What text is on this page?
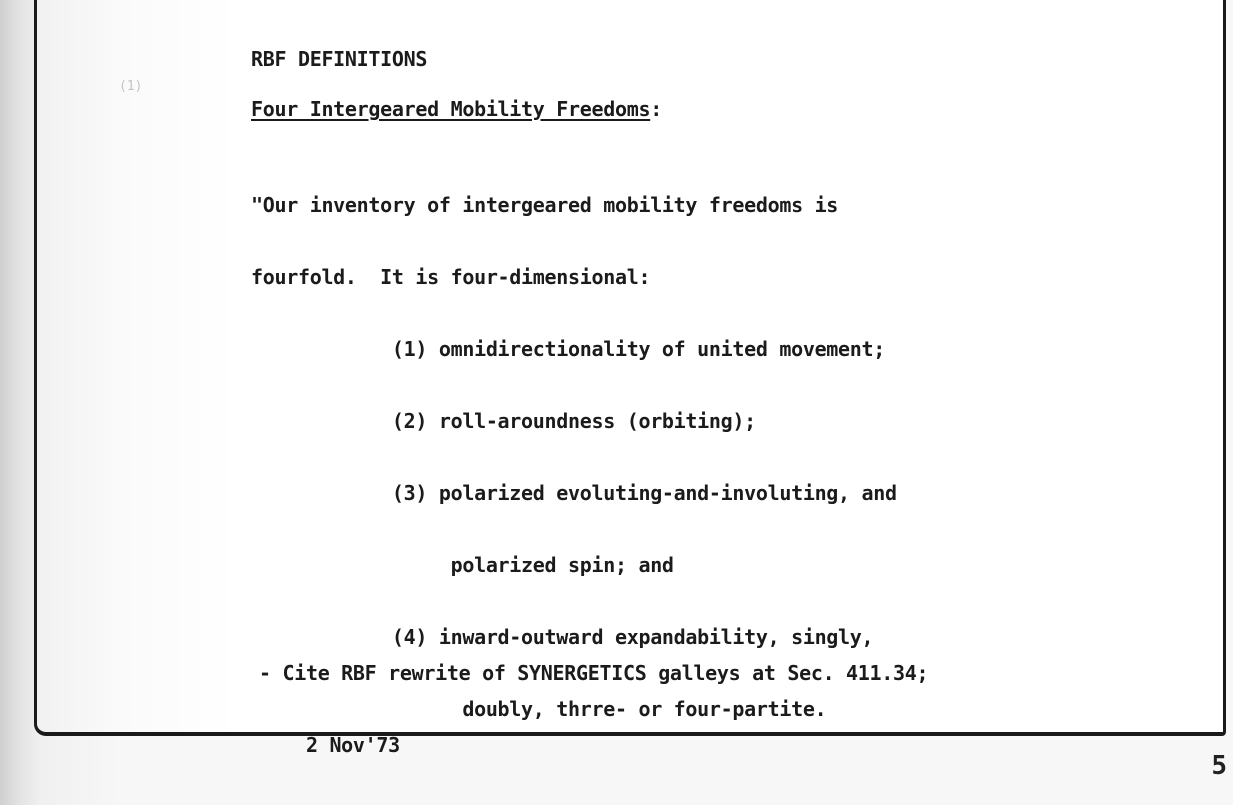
(1)
RBF DEFINITIONS
Four Intergeared Mobility Freedoms:

"Our inventory of intergeared mobility freedoms is

fourfold.  It is four-dimensional:

(1) omnidirectionality of united movement;

(2) roll-aroundness (orbiting);

(3) polarized evoluting-and-involuting, and

polarized spin; and

(4) inward-outward expandability, singly,

doubly, thrre- or four-partite.

- Cite RBF rewrite of SYNERGETICS galleys at Sec. 411.34;

2 Nov'73

5
